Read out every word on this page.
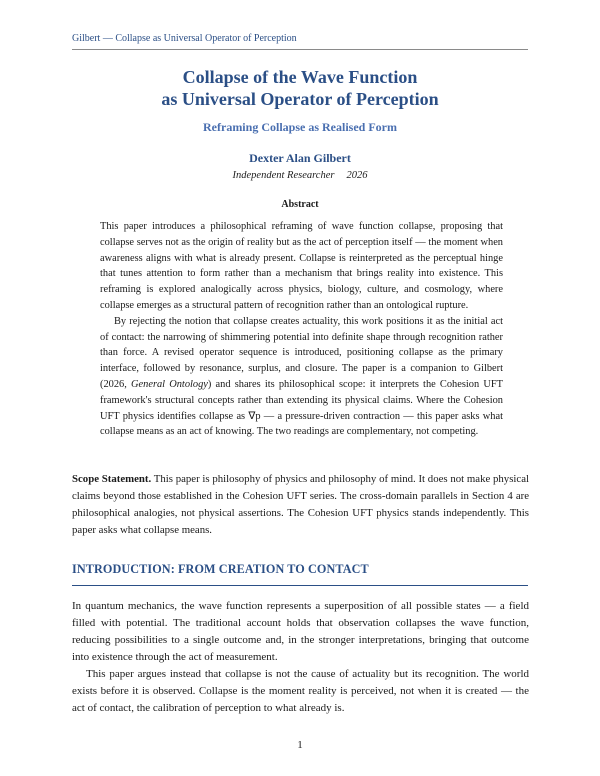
Gilbert — Collapse as Universal Operator of Perception
Collapse of the Wave Function
as Universal Operator of Perception
Reframing Collapse as Realised Form
Dexter Alan Gilbert
Independent Researcher 2026
Abstract

This paper introduces a philosophical reframing of wave function collapse, proposing that collapse serves not as the origin of reality but as the act of perception itself — the moment when awareness aligns with what is already present. Collapse is reinterpreted as the perceptual hinge that tunes attention to form rather than a mechanism that brings reality into existence. This reframing is explored analogically across physics, biology, culture, and cosmology, where collapse emerges as a structural pattern of recognition rather than an ontological rupture.

By rejecting the notion that collapse creates actuality, this work positions it as the initial act of contact: the narrowing of shimmering potential into definite shape through recognition rather than force. A revised operator sequence is introduced, positioning collapse as the primary interface, followed by resonance, surplus, and closure. The paper is a companion to Gilbert (2026, General Ontology) and shares its philosophical scope: it interprets the Cohesion UFT framework's structural concepts rather than extending its physical claims. Where the Cohesion UFT physics identifies collapse as ∇p — a pressure-driven contraction — this paper asks what collapse means as an act of knowing. The two readings are complementary, not competing.

Scope Statement. This paper is philosophy of physics and philosophy of mind. It does not make physical claims beyond those established in the Cohesion UFT series. The cross-domain parallels in Section 4 are philosophical analogies, not physical assertions. The Cohesion UFT physics stands independently. This paper asks what collapse means.
INTRODUCTION: FROM CREATION TO CONTACT

In quantum mechanics, the wave function represents a superposition of all possible states — a field filled with potential. The traditional account holds that observation collapses the wave function, reducing possibilities to a single outcome and, in the stronger interpretations, bringing that outcome into existence through the act of measurement.

This paper argues instead that collapse is not the cause of actuality but its recognition. The world exists before it is observed. Collapse is the moment reality is perceived, not when it is created — the act of contact, the calibration of perception to what already is.

1
